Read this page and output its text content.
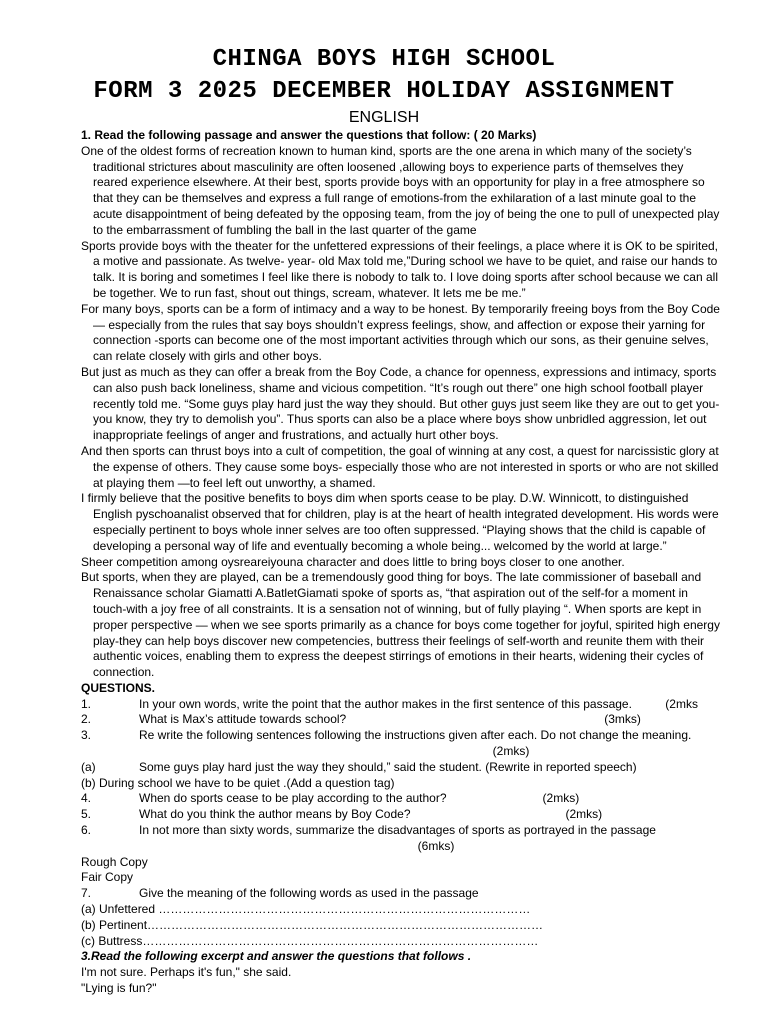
CHINGA BOYS HIGH SCHOOL
FORM 3 2025 DECEMBER HOLIDAY ASSIGNMENT
ENGLISH

1. Read the following passage and answer the questions that follow: ( 20 Marks)

One of the oldest forms of recreation known to human kind, sports are the one arena in which many of the society’s traditional strictures about masculinity are often loosened ,allowing boys to experience parts of themselves they reared experience elsewhere. At their best, sports provide boys with an opportunity for play in a free atmosphere so that they can be themselves and express a full range of emotions-from the exhilaration of a last minute goal to the acute disappointment of being defeated by the opposing team, from the joy of being the one to pull of unexpected play to the embarrassment of fumbling the ball in the last quarter of the game

Sports provide boys with the theater for the unfettered expressions of their feelings, a place where it is OK to be spirited, a motive and passionate. As twelve- year- old Max told me,”During school we have to be quiet, and raise our hands to talk. It is boring and sometimes I feel like there is nobody to talk to. I love doing sports after school because we can all be together. We to run fast, shout out things, scream, whatever. It lets me be me.”

For many boys, sports can be a form of intimacy and a way to be honest. By temporarily freeing boys from the Boy Code — especially from the rules that say boys shouldn’t express feelings, show, and affection or expose their yarning for connection -sports can become one of the most important activities through which our sons, as their genuine selves, can relate closely with girls and other boys.

But just as much as they can offer a break from the Boy Code, a chance for openness, expressions and intimacy, sports can also push back loneliness, shame and vicious competition. “It’s rough out there” one high school football player recently told me. “Some guys play hard just the way they should. But other guys just seem like they are out to get you-you know, they try to demolish you”. Thus sports can also be a place where boys show unbridled aggression, let out inappropriate feelings of anger and frustrations, and actually hurt other boys.

And then sports can thrust boys into a cult of competition, the goal of winning at any cost, a quest for narcissistic glory at the expense of others. They cause some boys- especially those who are not interested in sports or who are not skilled at playing them —to feel left out unworthy, a shamed.

I firmly believe that the positive benefits to boys dim when sports cease to be play. D.W. Winnicott, to distinguished English pyschoanalist observed that for children, play is at the heart of health integrated development. His words were especially pertinent to boys whole inner selves are too often suppressed. “Playing shows that the child is capable of developing a personal way of life and eventually becoming a whole being... welcomed by the world at large.”

Sheer competition among oysreareiyouna character and does little to bring boys closer to one another.

But sports, when they are played, can be a tremendously good thing for boys. The late commissioner of baseball and Renaissance scholar Giamatti A.BatletGiamati spoke of sports as, “that aspiration out of the self-for a moment in touch-with a joy free of all constraints. It is a sensation not of winning, but of fully playing “. When sports are kept in proper perspective — when we see sports primarily as a chance for boys come together for joyful, spirited high energy play-they can help boys discover new competencies, buttress their feelings of self-worth and reunite them with their authentic voices, enabling them to express the deepest stirrings of emotions in their hearts, widening their cycles of connection.

QUESTIONS.

1.	In your own words, write the point that the author makes in the first sentence of this passage.	(2mks
2.	What is Max’s attitude towards school?	(3mks)
3.	Re write the following sentences following the instructions given after each. Do not change the meaning.

(2mks)

(a)	Some guys play hard just the way they should,” said the student. (Rewrite in reported speech)

(b) During school we have to be quiet .(Add a question tag)

4.	When do sports cease to be play according to the author?	(2mks)
5.	What do you think the author means by Boy Code?	(2mks)
6.	In not more than sixty words, summarize the disadvantages of sports as portrayed in the passage

(6mks)

Rough Copy

Fair Copy

7.	Give the meaning of the following words as used in the passage

(a) Unfettered …………………………………………………………………………………

(b) Pertinent………………………………………………………………………………………

(c) Buttress………………………………………………………………………………………

3.Read the following excerpt and answer the questions that follows .

I'm not sure. Perhaps it's fun," she said.

"Lying is fun?"
